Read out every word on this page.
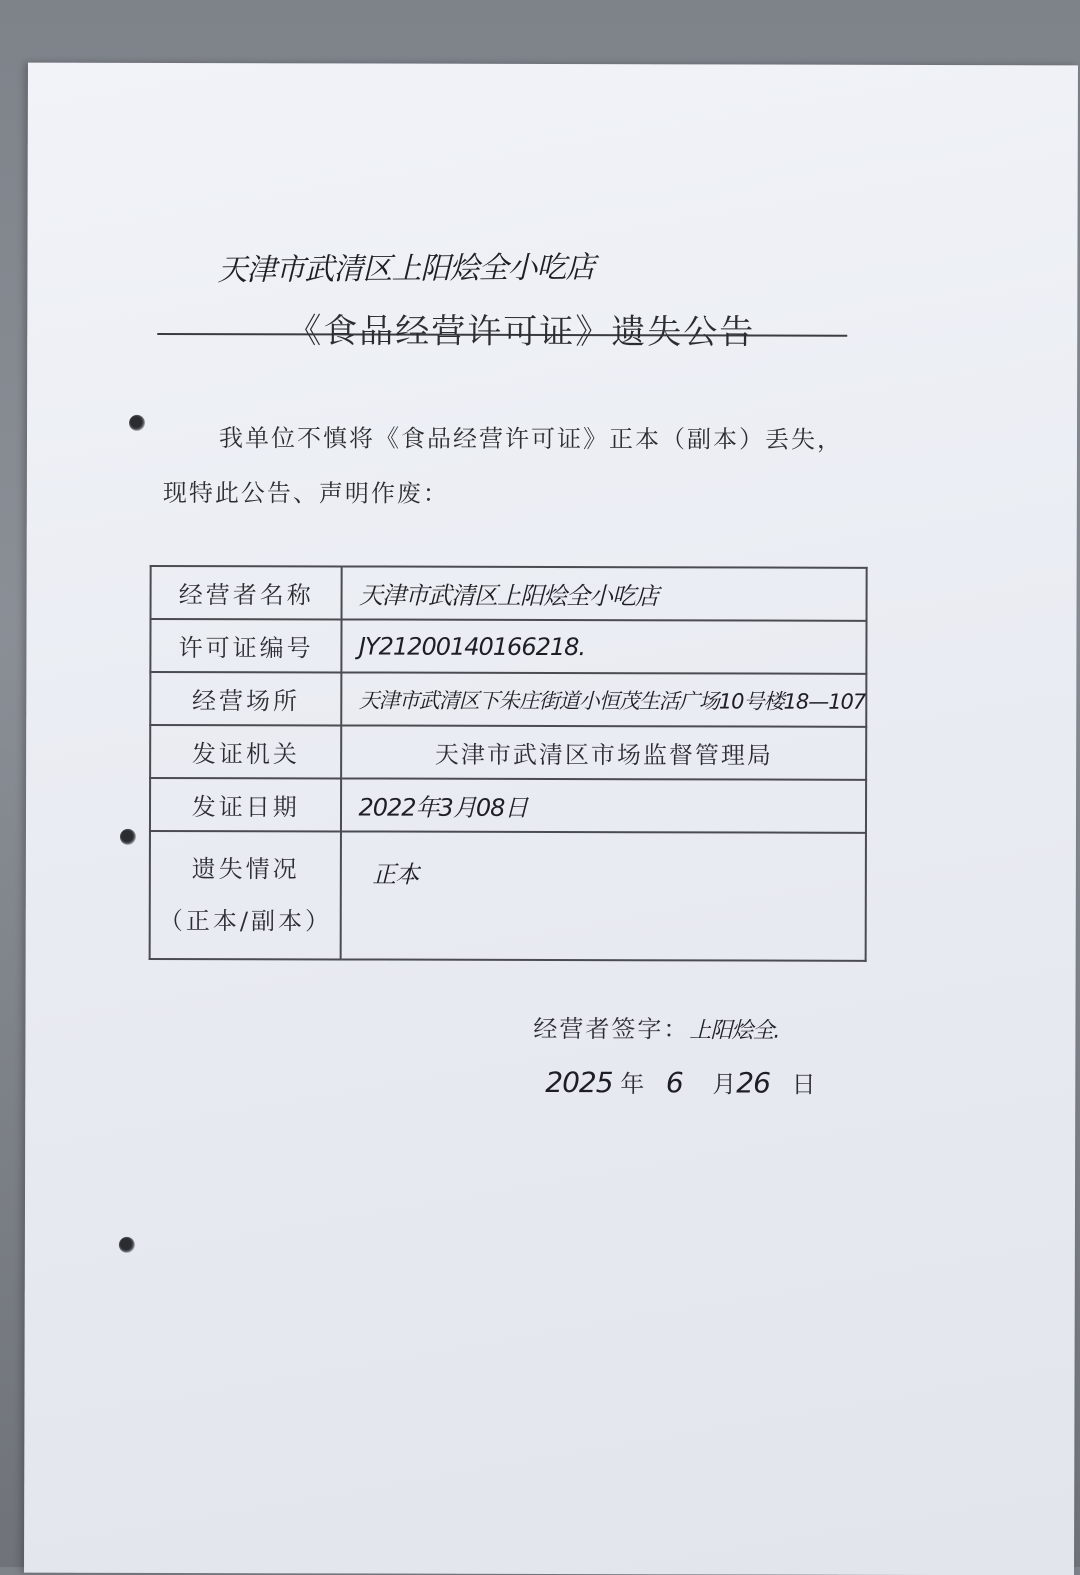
天津市武清区上阳烩全小吃店
《食品经营许可证》遗失公告
我单位不慎将《食品经营许可证》正本（副本）丢失，
现特此公告、声明作废：
经营者名称	天津市武清区上阳烩全小吃店
许可证编号	JY21200140166218.
经营场所	天津市武清区下朱庄街道小恒茂生活广场10号楼18—107
发证机关	天津市武清区市场监督管理局
发证日期	2022年3月08日

遗失情况
（正本/副本）	正本
经营者签字：上阳烩全.
2025 年 6 月26 日
